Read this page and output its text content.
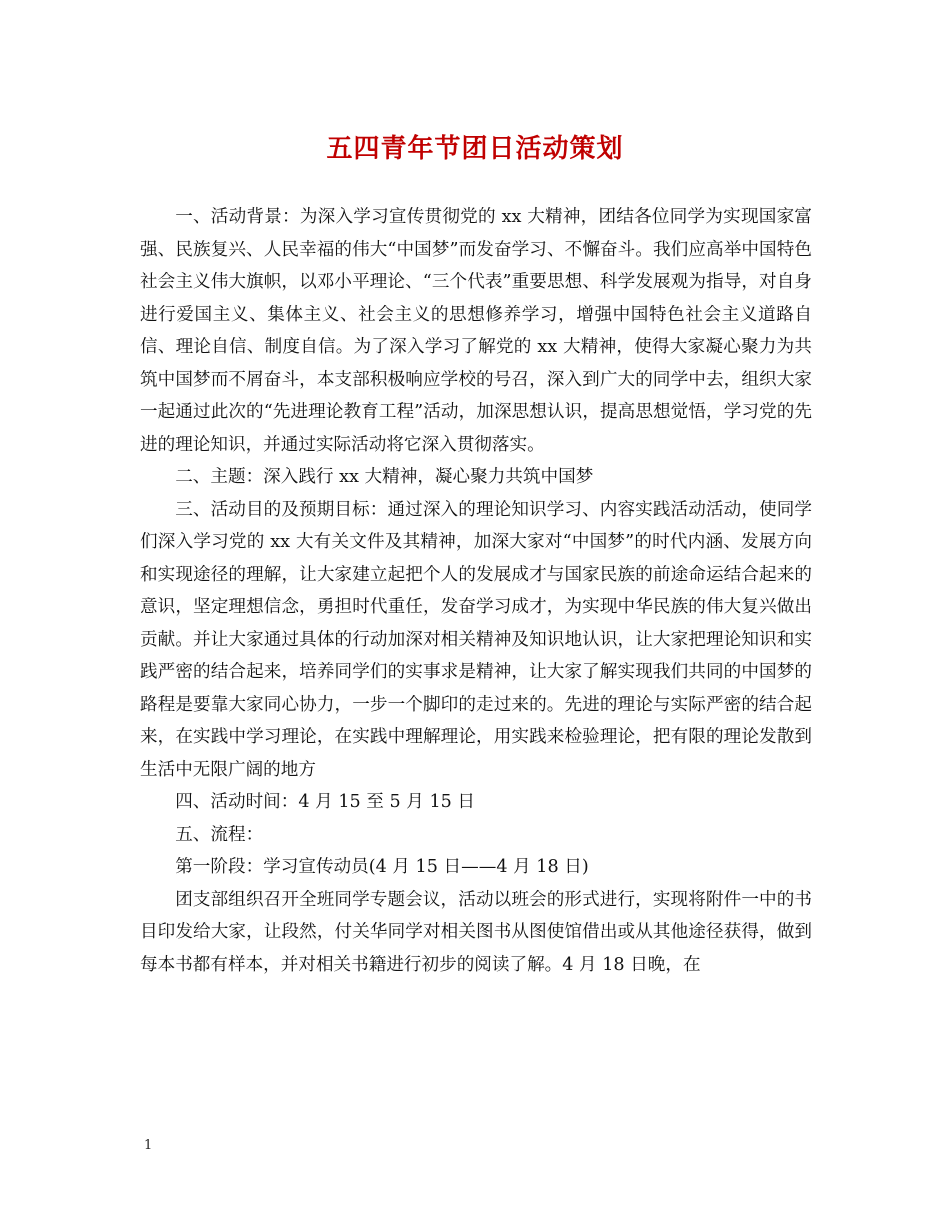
五四青年节团日活动策划

一、活动背景：为深入学习宣传贯彻党的 xx 大精神，团结各位同学为实现国家富强、民族复兴、人民幸福的伟大“中国梦”而发奋学习、不懈奋斗。我们应高举中国特色社会主义伟大旗帜，以邓小平理论、“三个代表”重要思想、科学发展观为指导，对自身进行爱国主义、集体主义、社会主义的思想修养学习，增强中国特色社会主义道路自信、理论自信、制度自信。为了深入学习了解党的 xx 大精神，使得大家凝心聚力为共筑中国梦而不屑奋斗，本支部积极响应学校的号召，深入到广大的同学中去，组织大家一起通过此次的“先进理论教育工程”活动，加深思想认识，提高思想觉悟，学习党的先进的理论知识，并通过实际活动将它深入贯彻落实。

二、主题：深入践行 xx 大精神，凝心聚力共筑中国梦

三、活动目的及预期目标：通过深入的理论知识学习、内容实践活动活动，使同学们深入学习党的 xx 大有关文件及其精神，加深大家对“中国梦”的时代内涵、发展方向和实现途径的理解，让大家建立起把个人的发展成才与国家民族的前途命运结合起来的意识，坚定理想信念，勇担时代重任，发奋学习成才，为实现中华民族的伟大复兴做出贡献。并让大家通过具体的行动加深对相关精神及知识地认识，让大家把理论知识和实践严密的结合起来，培养同学们的实事求是精神，让大家了解实现我们共同的中国梦的路程是要靠大家同心协力，一步一个脚印的走过来的。先进的理论与实际严密的结合起来，在实践中学习理论，在实践中理解理论，用实践来检验理论，把有限的理论发散到生活中无限广阔的地方

四、活动时间：4 月 15 至 5 月 15 日

五、流程：

第一阶段：学习宣传动员(4 月 15 日——4 月 18 日)

团支部组织召开全班同学专题会议，活动以班会的形式进行，实现将附件一中的书目印发给大家，让段然，付关华同学对相关图书从图使馆借出或从其他途径获得，做到每本书都有样本，并对相关书籍进行初步的阅读了解。4 月 18 日晚，在

1
